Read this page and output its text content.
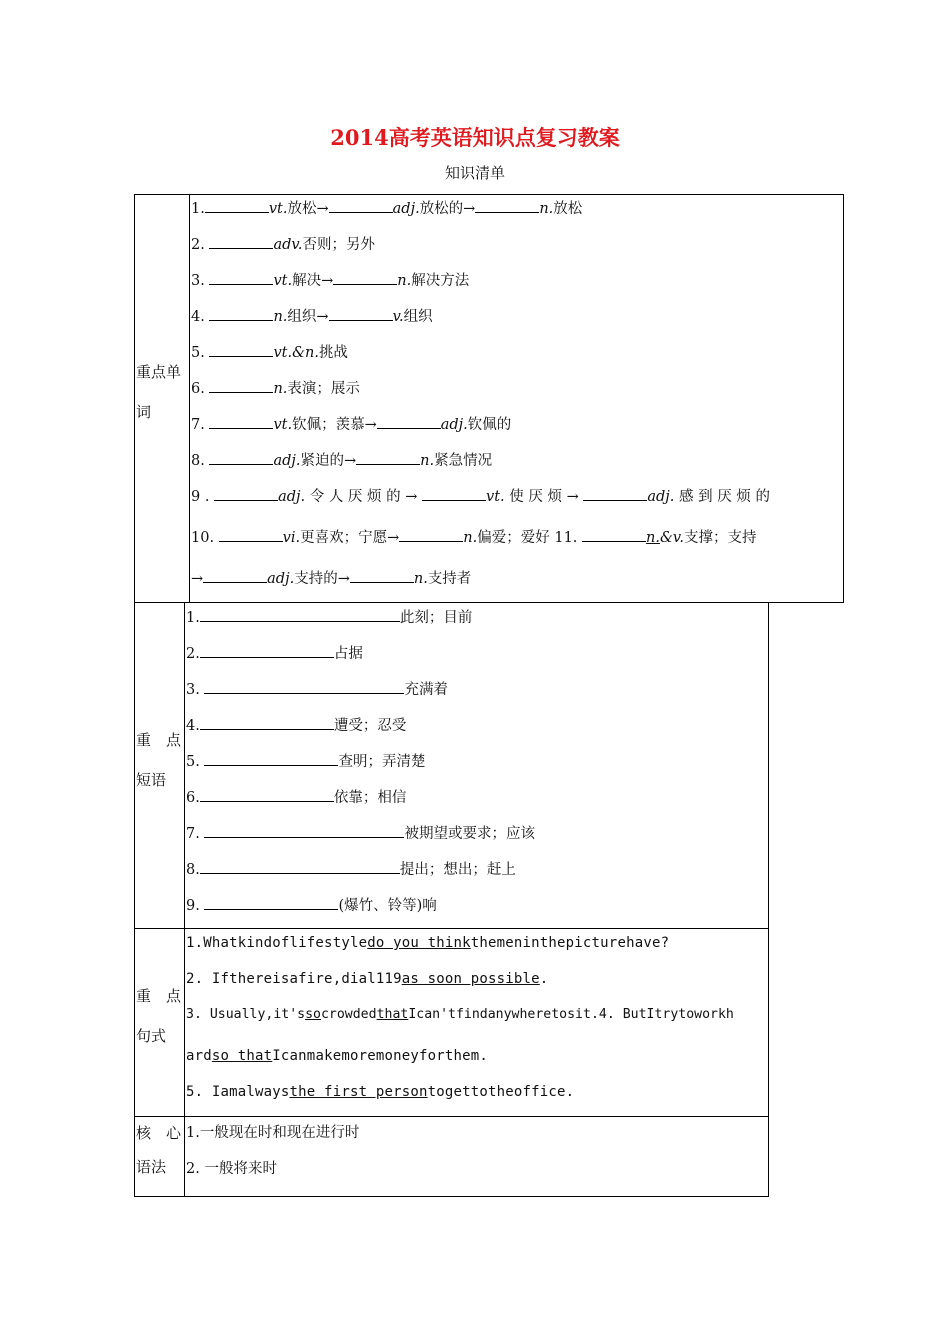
2014高考英语知识点复习教案
知识清单
重点单
词
1.	vt.放松→	adj.放松的→	n.放松
2.	adv.否则；另外
3.	vt.解决→	n.解决方法
4.	n.组织→	v.组织
5.	vt.&n.挑战
6.	n.表演；展示
7.	vt.钦佩；羡慕→	adj.钦佩的
8.	adj.紧迫的→	n.紧急情况
9 .	adj. 令 人 厌 烦 的 →	vt. 使 厌 烦 →	adj. 感 到 厌 烦 的
10.	vi.更喜欢；宁愿→	n.偏爱；爱好 11.	n.&v.支撑；支持
→	adj.支持的→	n.支持者
重　点
短语
1.	此刻；目前
2.	占据
3.	充满着
4.	遭受；忍受
5.	查明；弄清楚
6.	依靠；相信
7.	被期望或要求；应该
8.	提出；想出；赶上
9.	(爆竹、铃等)响
重　点
句式
1.Whatkindoflifestyledo you thinkthemeninthepicturehave?
2. Ifthereisafire,dial119as soon possible.
3. Usually,it'ssocrowdedthatIcan'tfindanywheretosit.4. ButItrytoworkh
ardso thatIcanmakemoremoneyforthem.
5. Iamalwaysthe first persontogettotheoffice.
核　心
语法
1.一般现在时和现在进行时
2. 一般将来时
